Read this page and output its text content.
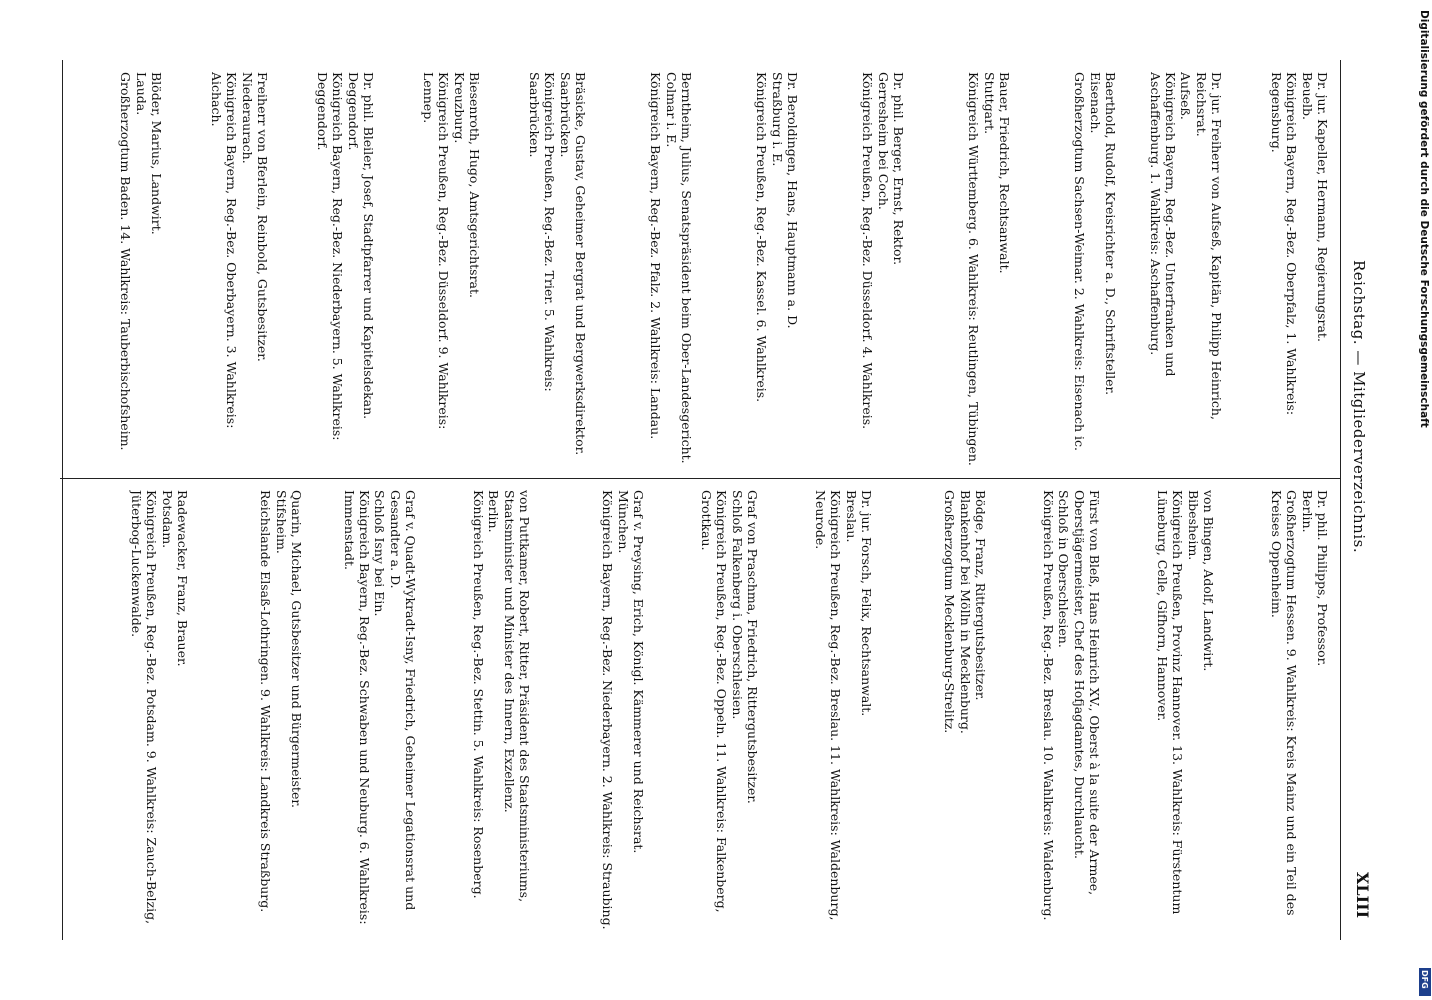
Reichstag. — Mitgliederverzeichnis.
XLIII
Dr. jur. Kapeller, Hermann, Regierungsrat.
Beuelb.
Königreich Bayern, Reg.-Bez. Oberpfalz, 1. Wahlkreis: Regensburg.
Dr. jur. Freiherr von Aufseß, Kapitän, Philipp Heinrich, Reichsrat.
Aufseß.
Königreich Bayern, Reg.-Bez. Unterfranken und Aschaffenburg. 1. Wahlkreis: Aschaffenburg.
Baerthold, Rudolf, Kreisrichter a. D., Schriftsteller.
Eisenach.
Großherzogtum Sachsen-Weimar. 2. Wahlkreis: Eisenach ic.
Bauer, Friedrich, Rechtsanwalt.
Stuttgart.
Königreich Württemberg. 6. Wahlkreis: Reutlingen, Tübingen.
Dr. phil. Berger, Ernst, Rektor.
Gerresheim bei Coch.
Königreich Preußen, Reg.-Bez. Düsseldorf. 4. Wahlkreis.
Dr. Beroldingen, Hans, Hauptmann a. D.
Straßburg i. E.
Königreich Preußen, Reg.-Bez. Kassel. 6. Wahlkreis.
Berntheim, Julius, Senatspräsident beim Ober-Landesgericht.
Colmar i. E.
Königreich Bayern, Reg.-Bez. Pfalz. 2. Wahlkreis: Landau.
Bräsicke, Gustav, Geheimer Bergrat und Bergwerksdirektor.
Saarbrücken.
Königreich Preußen, Reg.-Bez. Trier. 5. Wahlkreis: Saarbrücken.
Biesenroth, Hugo, Amtsgerichtsrat.
Kreuzburg.
Königreich Preußen, Reg.-Bez. Düsseldorf. 9. Wahlkreis: Lennep.
Dr. phil. Bleiler, Josef, Stadtpfarrer und Kapitelsdekan.
Deggendorf.
Königreich Bayern, Reg.-Bez. Niederbayern. 5. Wahlkreis: Deggendorf.
Freiherr von Bferlein, Reinbold, Gutsbesitzer.
Niederaurach.
Königreich Bayern, Reg.-Bez. Oberbayern. 3. Wahlkreis: Aichach.
Blöder, Marius, Landwirt.
Lauda.
Großherzogtum Baden. 14. Wahlkreis: Tauberbischofsheim.
Dr. phil. Philipps, Professor.
Berlin.
Großherzogtum Hessen. 9. Wahlkreis: Kreis Mainz und ein Teil des Kreises Oppenheim.
von Bingen, Adolf, Landwirt.
Bibesheim.
Königreich Preußen, Provinz Hannover. 13. Wahlkreis: Fürstentum Lüneburg, Celle, Gifhorn, Hannover.
Fürst von Bleß, Hans Heinrich XV., Oberst à la suite der Armee, Oberstjägermeister, Chef des Hofjagdamtes, Durchlaucht.
Schloß in Oberschlesien.
Königreich Preußen, Reg.-Bez. Breslau. 10. Wahlkreis: Waldenburg.
Bödge, Franz, Rittergutsbesitzer.
Blankenhof bei Mölln in Mecklenburg.
Großherzogtum Mecklenburg-Strelitz.
Dr. jur. Forsch, Felix, Rechtsanwalt.
Breslau.
Königreich Preußen, Reg.-Bez. Breslau. 11. Wahlkreis: Waldenburg, Neurode.
Graf von Praschma, Friedrich, Rittergutsbesitzer.
Schloß Falkenberg i. Oberschlesien.
Königreich Preußen, Reg.-Bez. Oppeln. 11. Wahlkreis: Falkenberg, Grottkau.
Graf v. Preysing, Erich, Königl. Kämmerer und Reichsrat.
München.
Königreich Bayern, Reg.-Bez. Niederbayern. 2. Wahlkreis: Straubing.
von Puttkamer, Robert, Ritter, Präsident des Staatsministeriums, Staatsminister und Minister des Innern, Exzellenz.
Berlin.
Königreich Preußen, Reg.-Bez. Stettin. 5. Wahlkreis: Rosenberg.
Graf v. Quadt-Wykradt-Isny, Friedrich, Geheimer Legationsrat und Gesandter a. D.
Schloß Isny bei Ein.
Königreich Bayern, Reg.-Bez. Schwaben und Neuburg. 6. Wahlkreis: Immenstadt.
Quarin, Michael, Gutsbesitzer und Bürgermeister.
Stifsheim.
Reichslande Elsaß-Lothringen. 9. Wahlkreis: Landkreis Straßburg.
Radewacker, Franz, Brauer.
Potsdam.
Königreich Preußen, Reg.-Bez. Potsdam. 9. Wahlkreis: Zauch-Belzig, Jüterbog-Luckenwalde.
Digitalisierung gefördert durch die Deutsche Forschungsgemeinschaft
DFG
